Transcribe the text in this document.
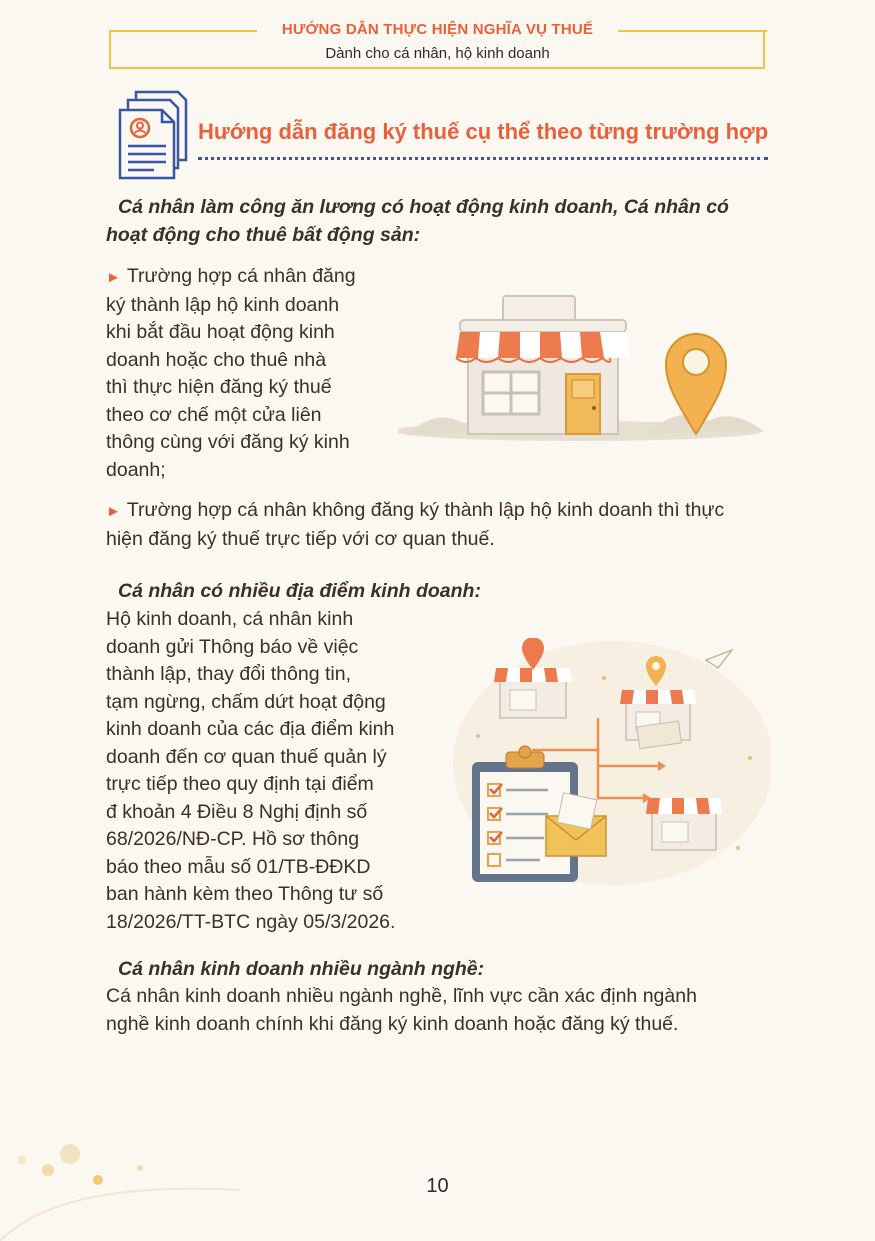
HƯỚNG DẪN THỰC HIỆN NGHĨA VỤ THUẾ
Dành cho cá nhân, hộ kinh doanh
Hướng dẫn đăng ký thuế cụ thể theo từng trường hợp

Cá nhân làm công ăn lương có hoạt động kinh doanh, Cá nhân có

hoạt động cho thuê bất động sản:

► Trường hợp cá nhân đăng
ký thành lập hộ kinh doanh
khi bắt đầu hoạt động kinh
doanh hoặc cho thuê nhà
thì thực hiện đăng ký thuế
theo cơ chế một cửa liên
thông cùng với đăng ký kinh
doanh;

► Trường hợp cá nhân không đăng ký thành lập hộ kinh doanh thì thực
hiện đăng ký thuế trực tiếp với cơ quan thuế.

Cá nhân có nhiều địa điểm kinh doanh:

Hộ kinh doanh, cá nhân kinh
doanh gửi Thông báo về việc
thành lập, thay đổi thông tin,
tạm ngừng, chấm dứt hoạt động
kinh doanh của các địa điểm kinh
doanh đến cơ quan thuế quản lý
trực tiếp theo quy định tại điểm
đ khoản 4 Điều 8 Nghị định số
68/2026/NĐ-CP. Hồ sơ thông
báo theo mẫu số 01/TB-ĐĐKD
ban hành kèm theo Thông tư số
18/2026/TT-BTC ngày 05/3/2026.

Cá nhân kinh doanh nhiều ngành nghề:

Cá nhân kinh doanh nhiều ngành nghề, lĩnh vực cần xác định ngành
nghề kinh doanh chính khi đăng ký kinh doanh hoặc đăng ký thuế.

10
